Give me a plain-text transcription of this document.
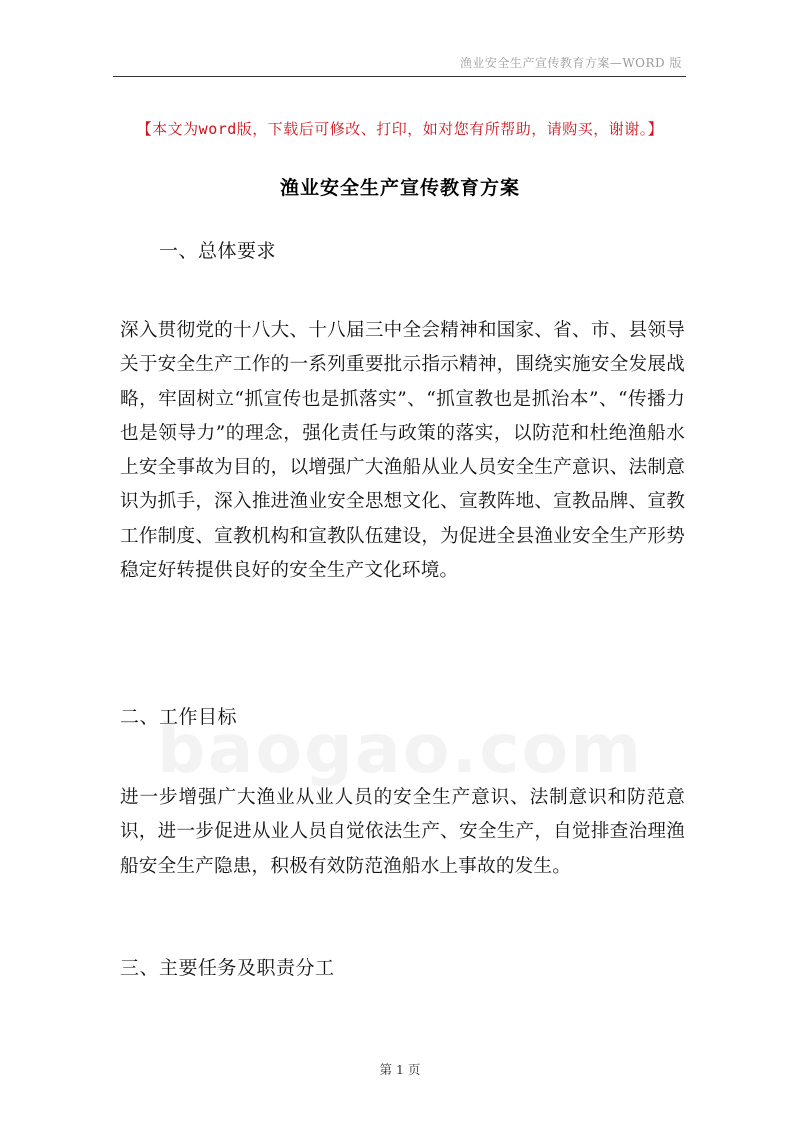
渔业安全生产宣传教育方案—WORD 版
【本文为word版，下载后可修改、打印，如对您有所帮助，请购买，谢谢。】
渔业安全生产宣传教育方案
一、总体要求

深入贯彻党的十八大、十八届三中全会精神和国家、省、市、县领导关于安全生产工作的一系列重要批示指示精神，围绕实施安全发展战略，牢固树立“抓宣传也是抓落实”、“抓宣教也是抓治本”、“传播力也是领导力”的理念，强化责任与政策的落实，以防范和杜绝渔船水上安全事故为目的，以增强广大渔船从业人员安全生产意识、法制意识为抓手，深入推进渔业安全思想文化、宣教阵地、宣教品牌、宣教工作制度、宣教机构和宣教队伍建设，为促进全县渔业安全生产形势稳定好转提供良好的安全生产文化环境。

二、工作目标

进一步增强广大渔业从业人员的安全生产意识、法制意识和防范意识，进一步促进从业人员自觉依法生产、安全生产，自觉排查治理渔船安全生产隐患，积极有效防范渔船水上事故的发生。

三、主要任务及职责分工
第 1 页
